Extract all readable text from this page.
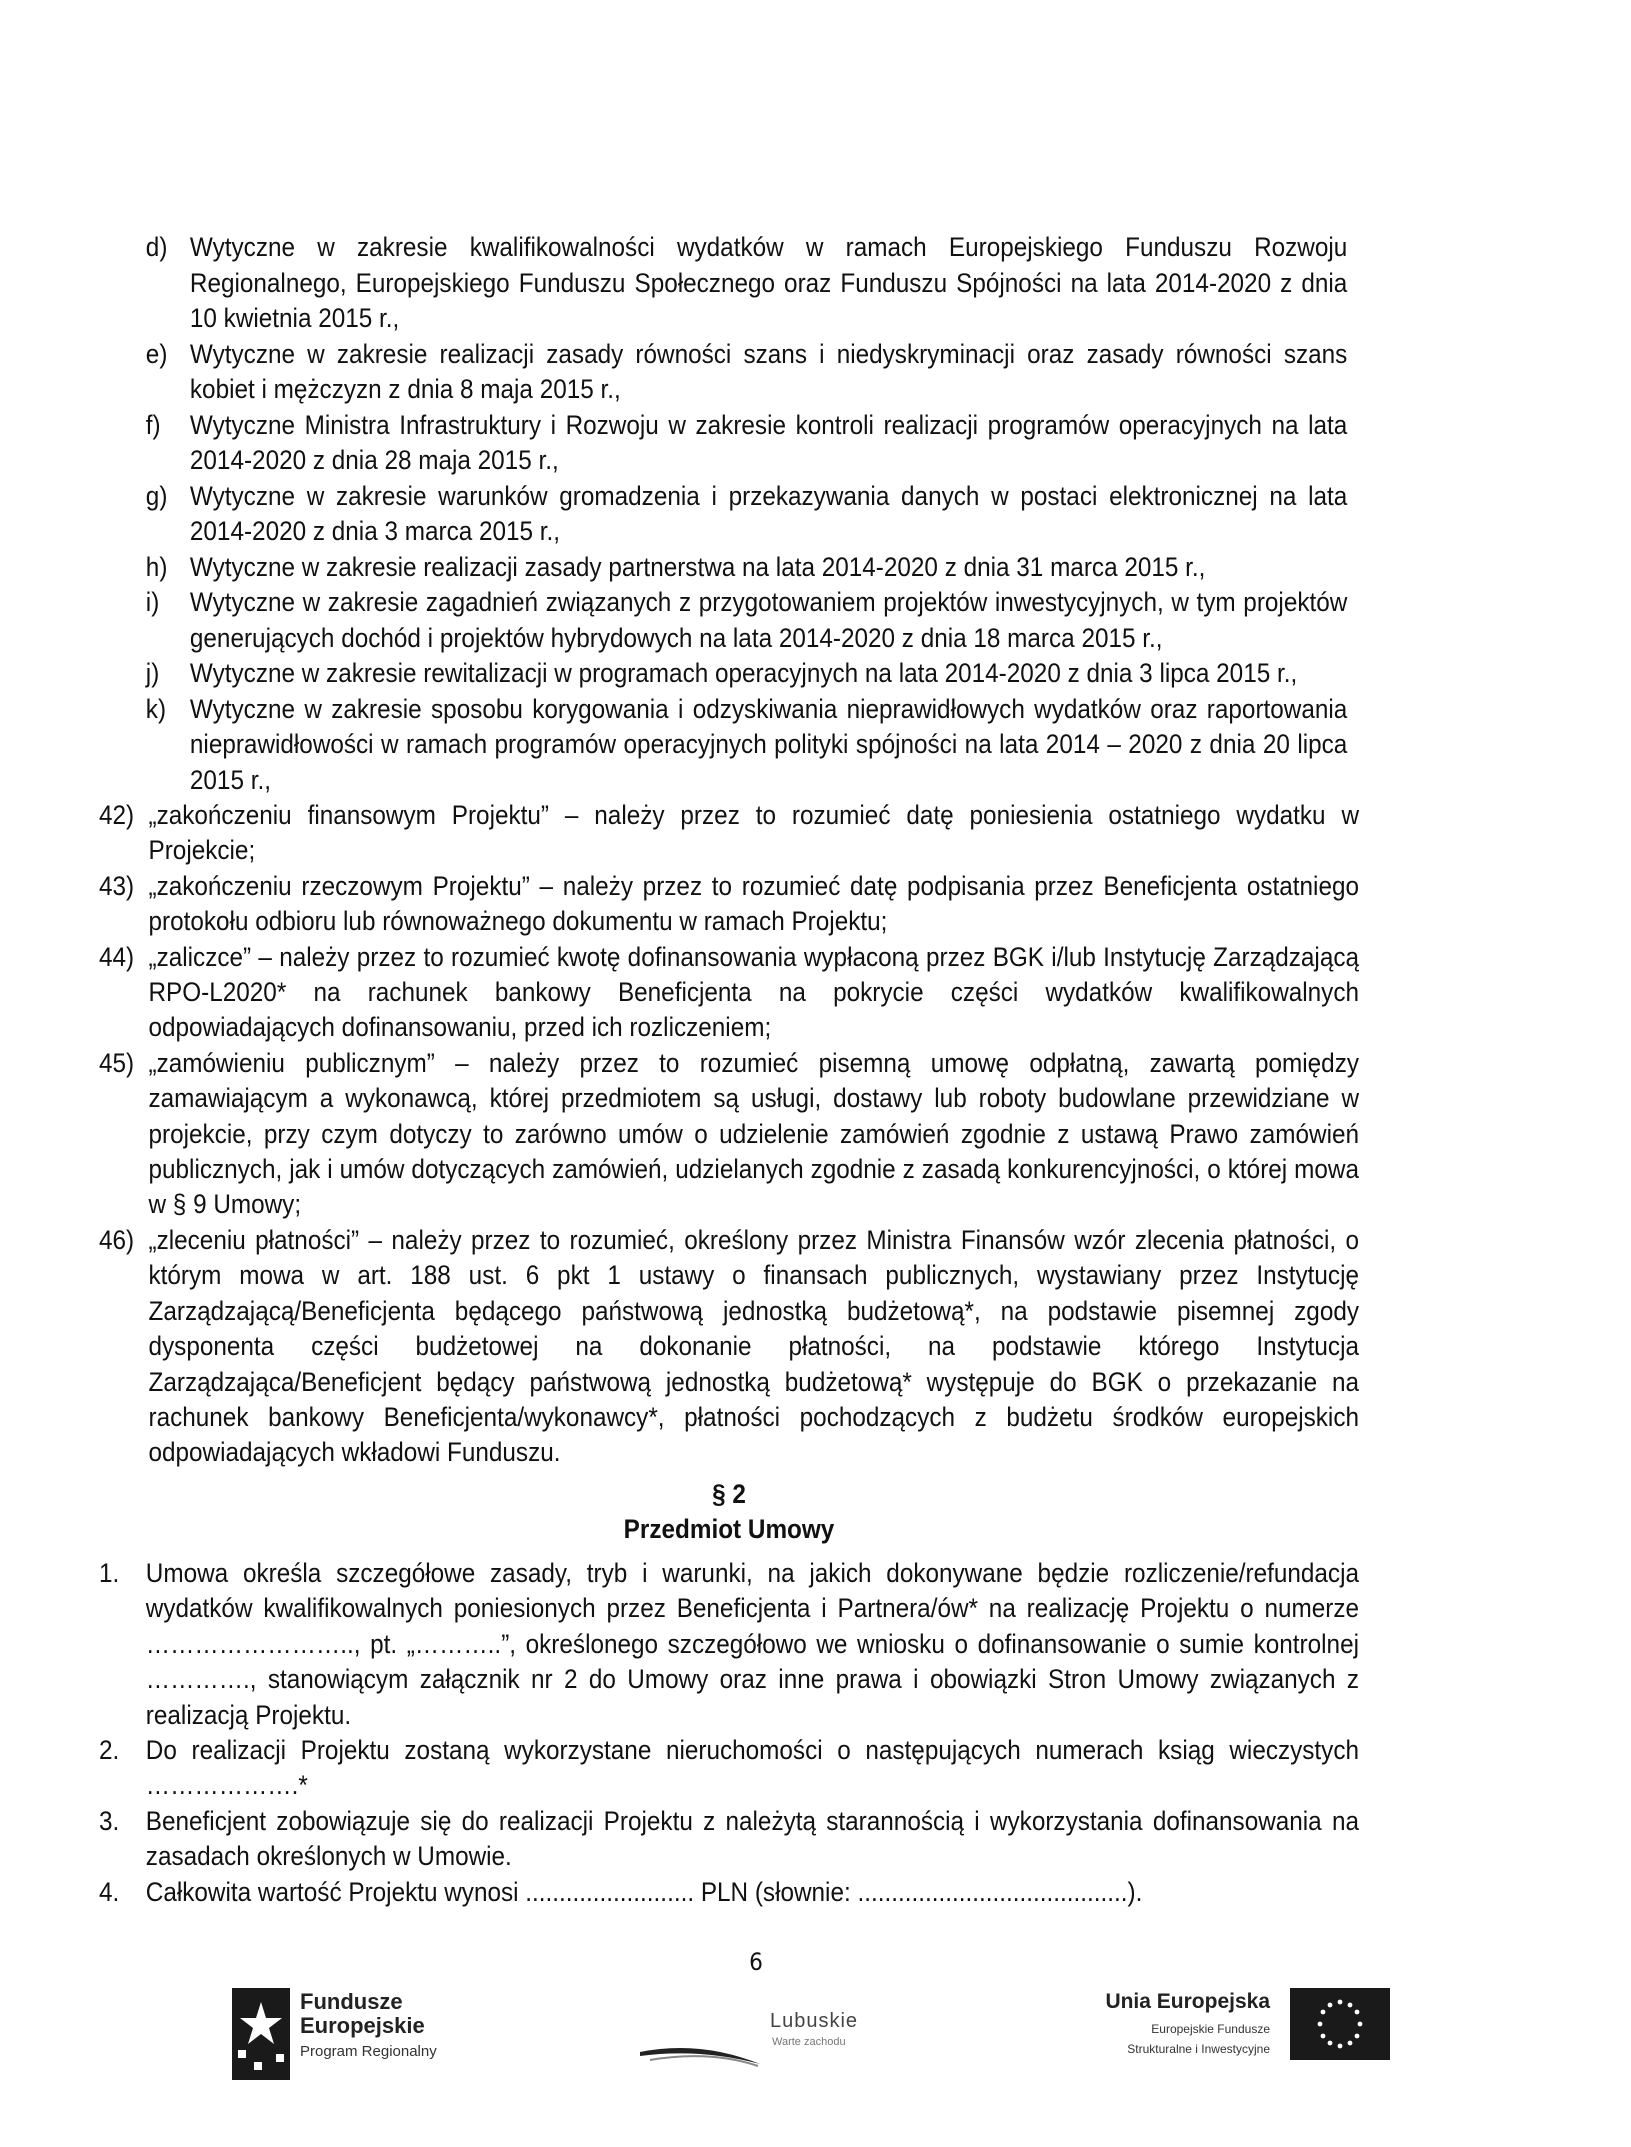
d) Wytyczne w zakresie kwalifikowalności wydatków w ramach Europejskiego Funduszu Rozwoju Regionalnego, Europejskiego Funduszu Społecznego oraz Funduszu Spójności na lata 2014-2020 z dnia 10 kwietnia 2015 r.,
e) Wytyczne w zakresie realizacji zasady równości szans i niedyskryminacji oraz zasady równości szans kobiet i mężczyzn z dnia 8 maja 2015 r.,
f) Wytyczne Ministra Infrastruktury i Rozwoju w zakresie kontroli realizacji programów operacyjnych na lata 2014-2020 z dnia 28 maja 2015 r.,
g) Wytyczne w zakresie warunków gromadzenia i przekazywania danych w postaci elektronicznej na lata 2014-2020 z dnia 3 marca 2015 r.,
h) Wytyczne w zakresie realizacji zasady partnerstwa na lata 2014-2020 z dnia 31 marca 2015 r.,
i) Wytyczne w zakresie zagadnień związanych z przygotowaniem projektów inwestycyjnych, w tym projektów generujących dochód i projektów hybrydowych na lata 2014-2020 z dnia 18 marca 2015 r.,
j) Wytyczne w zakresie rewitalizacji w programach operacyjnych na lata 2014-2020 z dnia 3 lipca 2015 r.,
k) Wytyczne w zakresie sposobu korygowania i odzyskiwania nieprawidłowych wydatków oraz raportowania nieprawidłowości w ramach programów operacyjnych polityki spójności na lata 2014 – 2020 z dnia 20 lipca 2015 r.,
42) „zakończeniu finansowym Projektu” – należy przez to rozumieć datę poniesienia ostatniego wydatku w Projekcie;
43) „zakończeniu rzeczowym Projektu” – należy przez to rozumieć datę podpisania przez Beneficjenta ostatniego protokołu odbioru lub równoważnego dokumentu w ramach Projektu;
44) „zaliczce” – należy przez to rozumieć kwotę dofinansowania wypłaconą przez BGK i/lub Instytucję Zarządzającą RPO-L2020* na rachunek bankowy Beneficjenta na pokrycie części wydatków kwalifikowalnych odpowiadających dofinansowaniu, przed ich rozliczeniem;
45) „zamówieniu publicznym” – należy przez to rozumieć pisemną umowę odpłatną, zawartą pomiędzy zamawiającym a wykonawcą, której przedmiotem są usługi, dostawy lub roboty budowlane przewidziane w projekcie, przy czym dotyczy to zarówno umów o udzielenie zamówień zgodnie z ustawą Prawo zamówień publicznych, jak i umów dotyczących zamówień, udzielanych zgodnie z zasadą konkurencyjności, o której mowa w § 9 Umowy;
46) „zleceniu płatności” – należy przez to rozumieć, określony przez Ministra Finansów wzór zlecenia płatności, o którym mowa w art. 188 ust. 6 pkt 1 ustawy o finansach publicznych, wystawiany przez Instytucję Zarządzającą/Beneficjenta będącego państwową jednostką budżetową*, na podstawie pisemnej zgody dysponenta części budżetowej na dokonanie płatności, na podstawie którego Instytucja Zarządzająca/Beneficjent będący państwową jednostką budżetową* występuje do BGK o przekazanie na rachunek bankowy Beneficjenta/wykonawcy*, płatności pochodzących z budżetu środków europejskich odpowiadających wkładowi Funduszu.
§ 2
Przedmiot Umowy
1. Umowa określa szczegółowe zasady, tryb i warunki, na jakich dokonywane będzie rozliczenie/refundacja wydatków kwalifikowalnych poniesionych przez Beneficjenta i Partnera/ów* na realizację Projektu o numerze …………………….., pt. „………..”, określonego szczegółowo we wniosku o dofinansowanie o sumie kontrolnej …………., stanowiącym załącznik nr 2 do Umowy oraz inne prawa i obowiązki Stron Umowy związanych z realizacją Projektu.
2. Do realizacji Projektu zostaną wykorzystane nieruchomości o następujących numerach ksiąg wieczystych ……………….*
3. Beneficjent zobowiązuje się do realizacji Projektu z należytą starannością i wykorzystania dofinansowania na zasadach określonych w Umowie.
4. Całkowita wartość Projektu wynosi ......................... PLN (słownie: ........................................).
6
Fundusze
Europejskie
Program Regionalny
Lubuskie
Warte zachodu
Unia Europejska
Europejskie Fundusze
Strukturalne i Inwestycyjne
